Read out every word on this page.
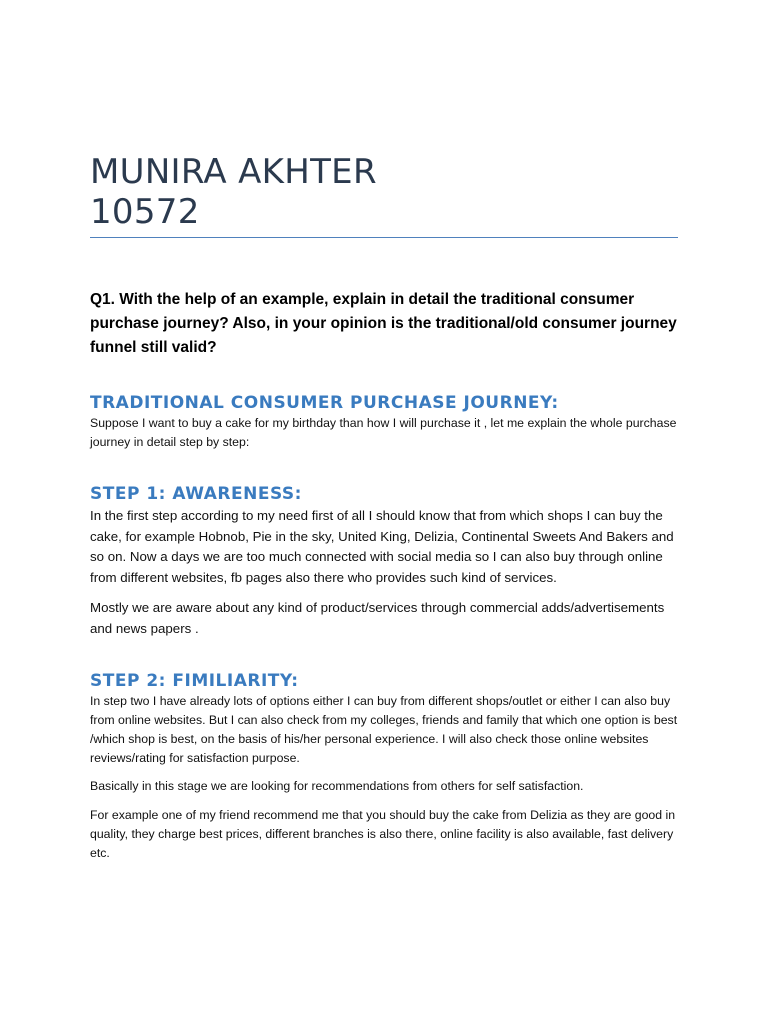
MUNIRA AKHTER
10572
Q1. With the help of an example, explain in detail the traditional consumer purchase journey? Also, in your opinion is the traditional/old consumer journey funnel still valid?
TRADITIONAL CONSUMER PURCHASE JOURNEY:
Suppose I want to buy a cake for my birthday than how I will purchase it , let me explain the whole purchase journey in detail step by step:
STEP 1: AWARENESS:
In the first step according to my need first of all I should know that from which shops I can buy the cake, for example Hobnob, Pie in the sky, United King, Delizia, Continental Sweets And Bakers and so on. Now a days we are too much connected with social media so I can also buy through online from different websites, fb pages also there who provides such kind of services.
Mostly we are aware about any kind of product/services through commercial adds/advertisements and news papers .
STEP 2: FIMILIARITY:
In step two I have already lots of options either I can buy from different shops/outlet or either I can also buy from online websites. But I can also check from my colleges, friends and family that which one option is best /which shop is best, on the basis of his/her personal experience. I will also check those online websites reviews/rating for satisfaction purpose.
Basically in this stage we are looking for recommendations from others for self satisfaction.
For example one of my friend recommend me that you should buy the cake from Delizia as they are good in quality, they charge best prices, different branches is also there, online facility is also available, fast delivery etc.
